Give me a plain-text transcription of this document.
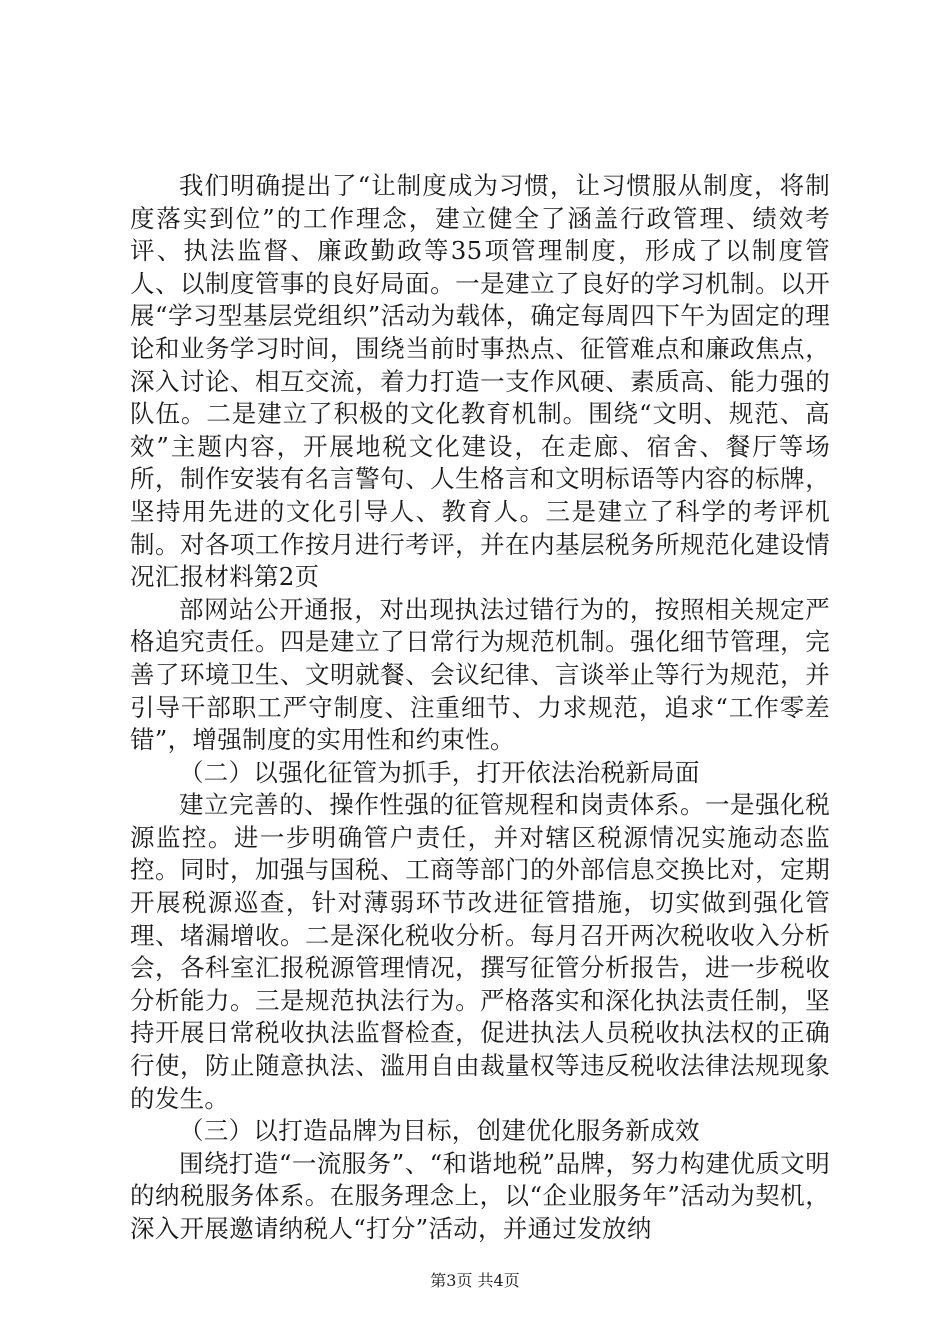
我们明确提出了“让制度成为习惯，让习惯服从制度，将制度落实到位”的工作理念，建立健全了涵盖行政管理、绩效考评、执法监督、廉政勤政等35项管理制度，形成了以制度管人、以制度管事的良好局面。一是建立了良好的学习机制。以开展“学习型基层党组织”活动为载体，确定每周四下午为固定的理论和业务学习时间，围绕当前时事热点、征管难点和廉政焦点，深入讨论、相互交流，着力打造一支作风硬、素质高、能力强的队伍。二是建立了积极的文化教育机制。围绕“文明、规范、高效”主题内容，开展地税文化建设，在走廊、宿舍、餐厅等场所，制作安装有名言警句、人生格言和文明标语等内容的标牌，坚持用先进的文化引导人、教育人。三是建立了科学的考评机制。对各项工作按月进行考评，并在内基层税务所规范化建设情况汇报材料第2页

部网站公开通报，对出现执法过错行为的，按照相关规定严格追究责任。四是建立了日常行为规范机制。强化细节管理，完善了环境卫生、文明就餐、会议纪律、言谈举止等行为规范，并引导干部职工严守制度、注重细节、力求规范，追求“工作零差错”，增强制度的实用性和约束性。

（二）以强化征管为抓手，打开依法治税新局面

建立完善的、操作性强的征管规程和岗责体系。一是强化税源监控。进一步明确管户责任，并对辖区税源情况实施动态监控。同时，加强与国税、工商等部门的外部信息交换比对，定期开展税源巡查，针对薄弱环节改进征管措施，切实做到强化管理、堵漏增收。二是深化税收分析。每月召开两次税收收入分析会，各科室汇报税源管理情况，撰写征管分析报告，进一步税收分析能力。三是规范执法行为。严格落实和深化执法责任制，坚持开展日常税收执法监督检查，促进执法人员税收执法权的正确行使，防止随意执法、滥用自由裁量权等违反税收法律法规现象的发生。

（三）以打造品牌为目标，创建优化服务新成效

围绕打造“一流服务”、“和谐地税”品牌，努力构建优质文明的纳税服务体系。在服务理念上，以“企业服务年”活动为契机，深入开展邀请纳税人“打分”活动，并通过发放纳

第3页 共4页
